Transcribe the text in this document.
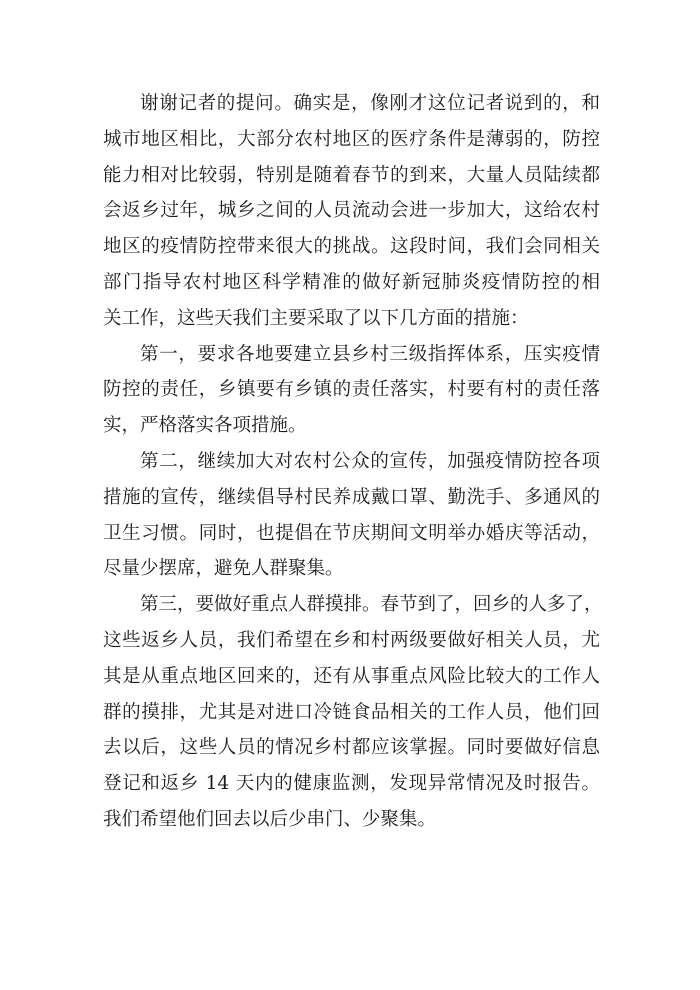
谢谢记者的提问。确实是，像刚才这位记者说到的，和
城市地区相比，大部分农村地区的医疗条件是薄弱的，防控
能力相对比较弱，特别是随着春节的到来，大量人员陆续都
会返乡过年，城乡之间的人员流动会进一步加大，这给农村
地区的疫情防控带来很大的挑战。这段时间，我们会同相关
部门指导农村地区科学精准的做好新冠肺炎疫情防控的相
关工作，这些天我们主要采取了以下几方面的措施：

第一，要求各地要建立县乡村三级指挥体系，压实疫情
防控的责任，乡镇要有乡镇的责任落实，村要有村的责任落
实，严格落实各项措施。

第二，继续加大对农村公众的宣传，加强疫情防控各项
措施的宣传，继续倡导村民养成戴口罩、勤洗手、多通风的
卫生习惯。同时，也提倡在节庆期间文明举办婚庆等活动，
尽量少摆席，避免人群聚集。

第三，要做好重点人群摸排。春节到了，回乡的人多了，
这些返乡人员，我们希望在乡和村两级要做好相关人员，尤
其是从重点地区回来的，还有从事重点风险比较大的工作人
群的摸排，尤其是对进口冷链食品相关的工作人员，他们回
去以后，这些人员的情况乡村都应该掌握。同时要做好信息
登记和返乡 14 天内的健康监测，发现异常情况及时报告。
我们希望他们回去以后少串门、少聚集。
